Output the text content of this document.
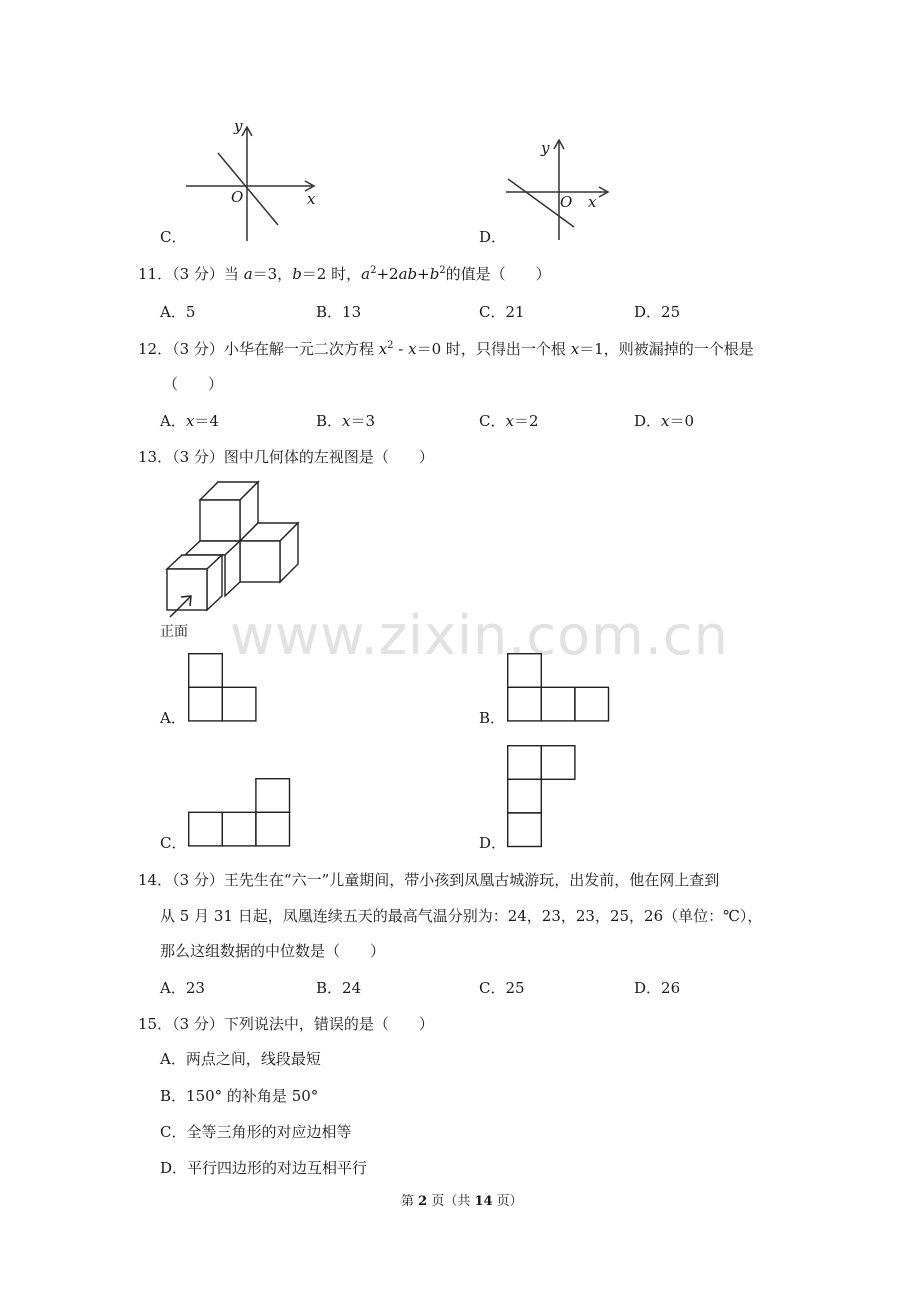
y
O	x
C．
y
O x
D．
11．（3 分）当 a＝3，b＝2 时，$a^2+2ab+b^2$的值是（　　）
A．5	B．13	C．21	D．25
12．（3 分）小华在解一元二次方程 $x^2 - x=0$ 时，只得出一个根 x＝1，则被漏掉的一个根是
（　　）
A．x＝4	B．x＝3	C．x＝2	D．x＝0
13．（3 分）图中几何体的左视图是（　　）
正面 www.zixin.com.cn
A．	B．
C．	D．
14．（3 分）王先生在“六一”儿童期间，带小孩到凤凰古城游玩，出发前，他在网上查到
从 5 月 31 日起，凤凰连续五天的最高气温分别为：24，23，23，25，26（单位：℃），
那么这组数据的中位数是（　　）
A．23	B．24	C．25	D．26
15．（3 分）下列说法中，错误的是（　　）
A．两点之间，线段最短
B．150° 的补角是 50°
C．全等三角形的对应边相等
D．平行四边形的对边互相平行
第 2 页（共 14 页）
